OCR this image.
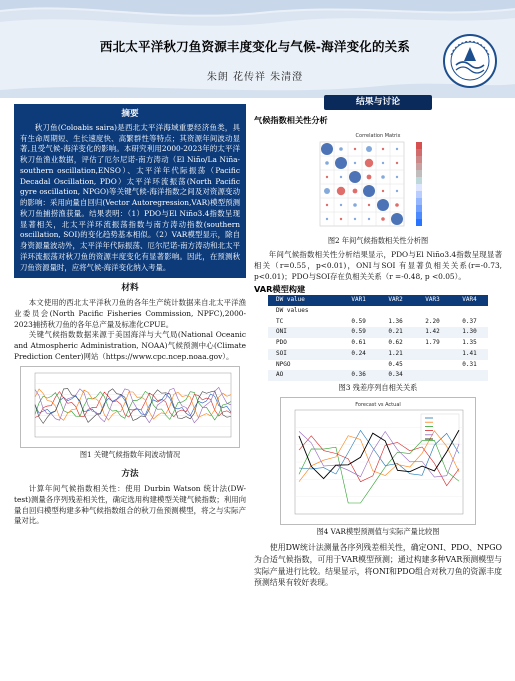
西北太平洋秋刀鱼资源丰度变化与气候-海洋变化的关系
朱朗 花传祥 朱清澄
摘要
秋刀鱼(Coloabis saira)是西北太平洋海域重要经济鱼类，具有生命周期短、生长速度快、高繁群性等特点；其资源年间波动显著,且受气候-海洋变化的影响。本研究利用2000-2023年的太平洋秋刀鱼渔业数据，评估了厄尔尼诺-南方涛动（El Niño/La Niña-southern oscillation,ENSO）、太平洋年代际振荡（Pacific Decadal Oscillation, PDO）太平洋环流振荡(North Pacific gyre oscillation, NPGO)等关键气候-海洋指数之间及对资源变动的影响：采用向量自回归(Vector Autoregression,VAR)模型预测秋刀鱼捕捞渔获量。结果表明：（1）PDO与El Niño3.4指数呈现显著相关，北太平洋环流振荡指数与南方涛动指数(southern oscillation, SOI)的变化趋势基本相似。（2）VAR模型显示，除自身资源量波动外，太平洋年代际振荡、厄尔尼诺-南方涛动和北太平洋环流振荡对秋刀鱼的资源丰度变化有显著影响。因此，在预测秋刀鱼资源量时，应将气候-海洋变化纳入考量。
材料
本文使用的西北太平洋秋刀鱼的各年生产统计数据来自北太平洋渔业委员会(North Pacific Fisheries Commission, NPFC),2000-2023捕捞秋刀鱼的各年总产量及标准化CPUE。
关键气候指数数据来源于美国海洋与大气局(National Oceanic and Atmospheric Administration, NOAA)气候预测中心(Climate Prediction Center)网站（https://www.cpc.ncep.noaa.gov）。
图1 关键气候指数年间波动情况
方法
计算年间气候指数相关性：使用 Durbin Watson 统计法(DW-test)测量各序列残差相关性，确定选用构建模型关键气候指数；利用向量自回归模型构建多种气候指数组合的秋刀鱼预测模型，将之与实际产量对比。
结果与讨论
气候指数相关性分析
Correlation Matrix
图2 年间气候指数相关性分析图
年间气候指数相关性分析结果显示，PDO与El Niño3.4指数呈现显著相关（r=0.55，p<0.01)，ONI与SOI 有显著负相关关系(r=-0.73, p<0.01)；PDO与SOI存在负相关关系（r =-0.48, p <0.05）。
VAR模型构建
DW value	VAR1	VAR2	VAR3	VAR4
DW values				
TC	0.59	1.36	2.20	0.37
ONI	0.59	0.21	1.42	1.30
PDO	0.61	0.62	1.79	1.35
SOI	0.24	1.21		1.41
NPGO		0.45		0.31
AO	0.36	0.34		
图3 残差序列自相关关系
Forecast vs Actual
图4 VAR模型预测值与实际产量比较图
使用DW统计法测量各序列残差相关性，确定ONI、PDO、NPGO为合适气候指数，可用于VAR模型预测；通过构建多种VAR预测模型与实际产量进行比较。结果显示，将ONI和PDO组合对秋刀鱼的资源丰度预测结果有较好表现。
